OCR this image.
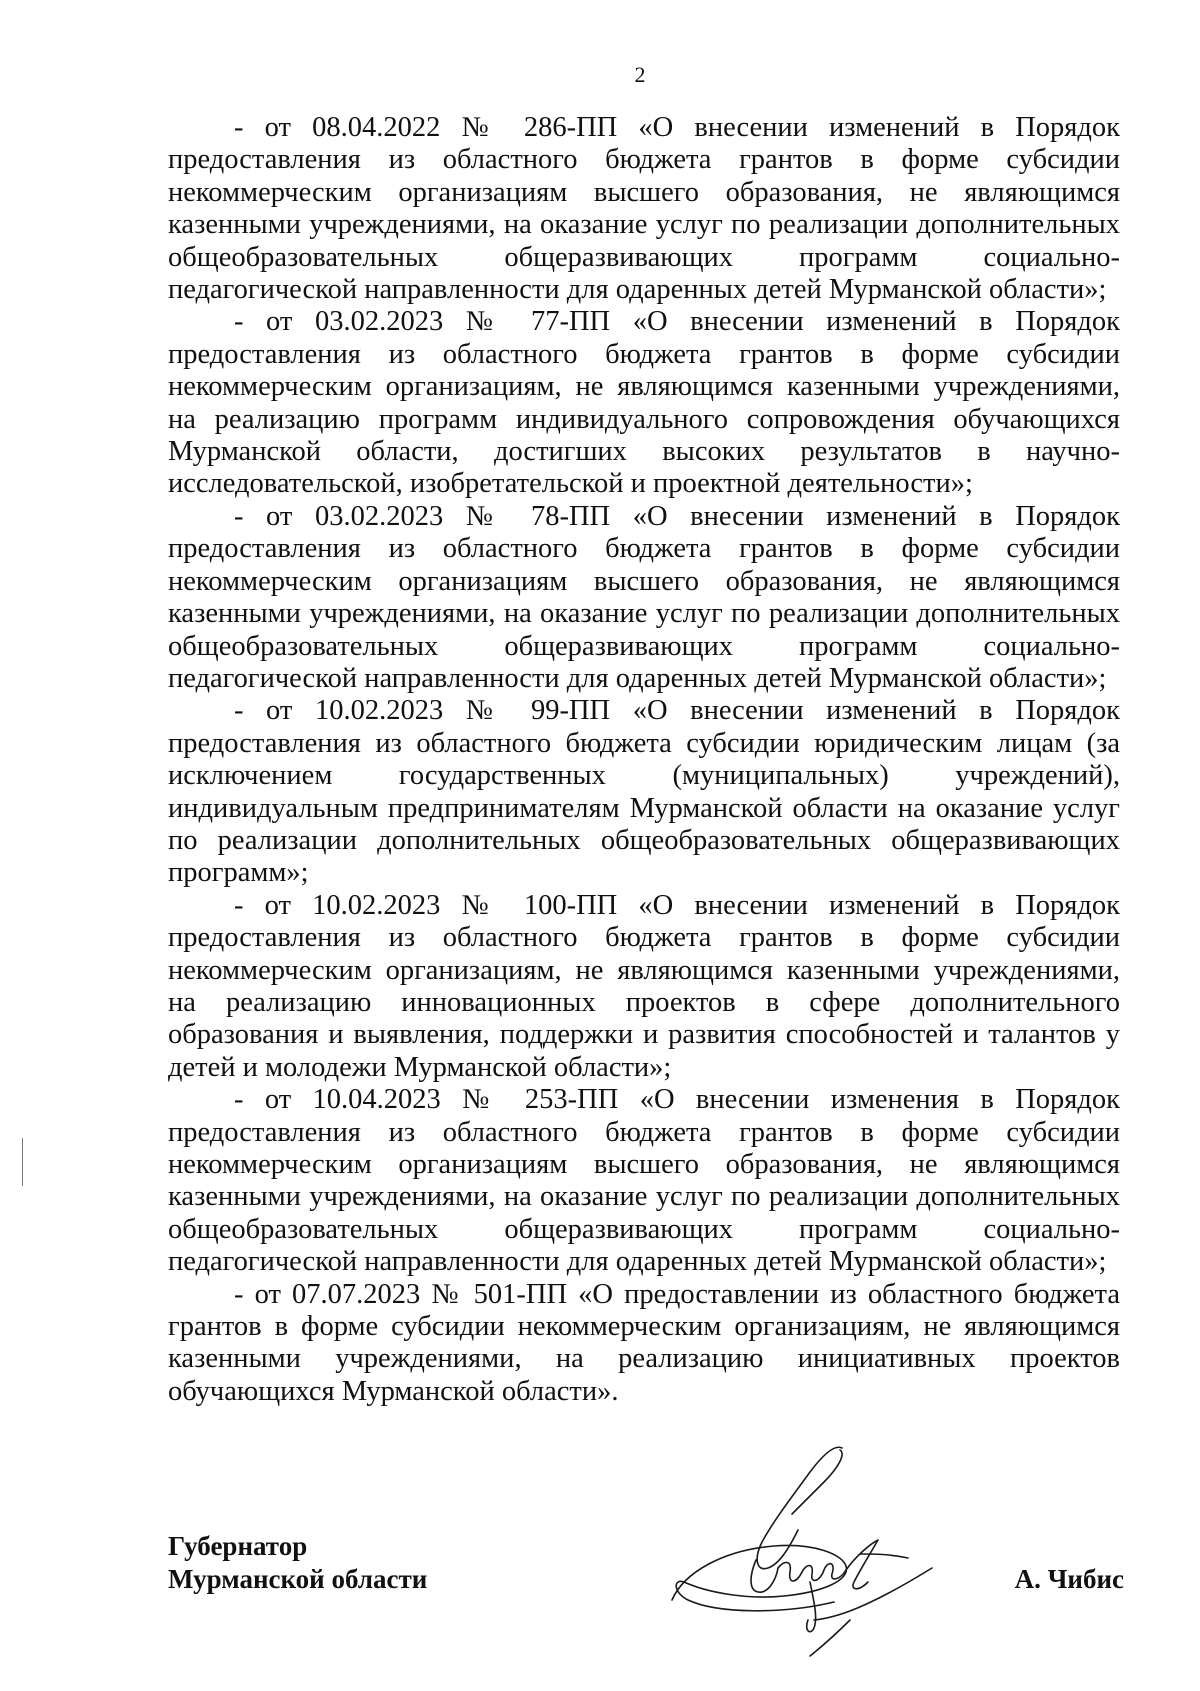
2

- от 08.04.2022 № 286-ПП «О внесении изменений в Порядок предоставления из областного бюджета грантов в форме субсидии некоммерческим организациям высшего образования, не являющимся казенными учреждениями, на оказание услуг по реализации дополнительных общеобразовательных общеразвивающих программ социально-педагогической направленности для одаренных детей Мурманской области»;

- от 03.02.2023 № 77-ПП «О внесении изменений в Порядок предоставления из областного бюджета грантов в форме субсидии некоммерческим организациям, не являющимся казенными учреждениями, на реализацию программ индивидуального сопровождения обучающихся Мурманской области, достигших высоких результатов в научно-исследовательской, изобретательской и проектной деятельности»;

- от 03.02.2023 № 78-ПП «О внесении изменений в Порядок предоставления из областного бюджета грантов в форме субсидии некоммерческим организациям высшего образования, не являющимся казенными учреждениями, на оказание услуг по реализации дополнительных общеобразовательных общеразвивающих программ социально-педагогической направленности для одаренных детей Мурманской области»;

- от 10.02.2023 № 99-ПП «О внесении изменений в Порядок предоставления из областного бюджета субсидии юридическим лицам (за исключением государственных (муниципальных) учреждений), индивидуальным предпринимателям Мурманской области на оказание услуг по реализации дополнительных общеобразовательных общеразвивающих программ»;

- от 10.02.2023 № 100-ПП «О внесении изменений в Порядок предоставления из областного бюджета грантов в форме субсидии некоммерческим организациям, не являющимся казенными учреждениями, на реализацию инновационных проектов в сфере дополнительного образования и выявления, поддержки и развития способностей и талантов у детей и молодежи Мурманской области»;

- от 10.04.2023 № 253-ПП «О внесении изменения в Порядок предоставления из областного бюджета грантов в форме субсидии некоммерческим организациям высшего образования, не являющимся казенными учреждениями, на оказание услуг по реализации дополнительных общеобразовательных общеразвивающих программ социально-педагогической направленности для одаренных детей Мурманской области»;

- от 07.07.2023 № 501-ПП «О предоставлении из областного бюджета грантов в форме субсидии некоммерческим организациям, не являющимся казенными учреждениями, на реализацию инициативных проектов обучающихся Мурманской области».

Губернатор
Мурманской области	А. Чибис
